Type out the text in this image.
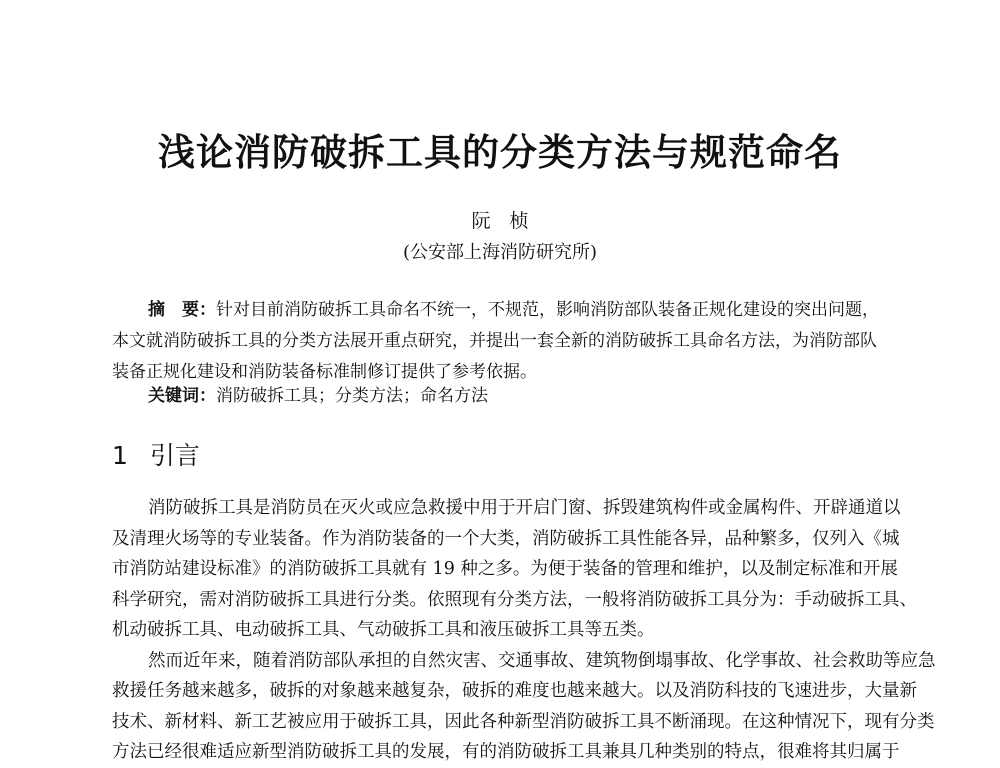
浅论消防破拆工具的分类方法与规范命名
阮　桢
(公安部上海消防研究所)
摘　要：针对目前消防破拆工具命名不统一，不规范，影响消防部队装备正规化建设的突出问题，
本文就消防破拆工具的分类方法展开重点研究，并提出一套全新的消防破拆工具命名方法，为消防部队
装备正规化建设和消防装备标准制修订提供了参考依据。
关键词：消防破拆工具；分类方法；命名方法
1 引言
消防破拆工具是消防员在灭火或应急救援中用于开启门窗、拆毁建筑构件或金属构件、开辟通道以
及清理火场等的专业装备。作为消防装备的一个大类，消防破拆工具性能各异，品种繁多，仅列入《城
市消防站建设标准》的消防破拆工具就有 19 种之多。为便于装备的管理和维护，以及制定标准和开展
科学研究，需对消防破拆工具进行分类。依照现有分类方法，一般将消防破拆工具分为：手动破拆工具、
机动破拆工具、电动破拆工具、气动破拆工具和液压破拆工具等五类。
然而近年来，随着消防部队承担的自然灾害、交通事故、建筑物倒塌事故、化学事故、社会救助等应急
救援任务越来越多，破拆的对象越来越复杂，破拆的难度也越来越大。以及消防科技的飞速进步，大量新
技术、新材料、新工艺被应用于破拆工具，因此各种新型消防破拆工具不断涌现。在这种情况下，现有分类
方法已经很难适应新型消防破拆工具的发展，有的消防破拆工具兼具几种类别的特点，很难将其归属于
